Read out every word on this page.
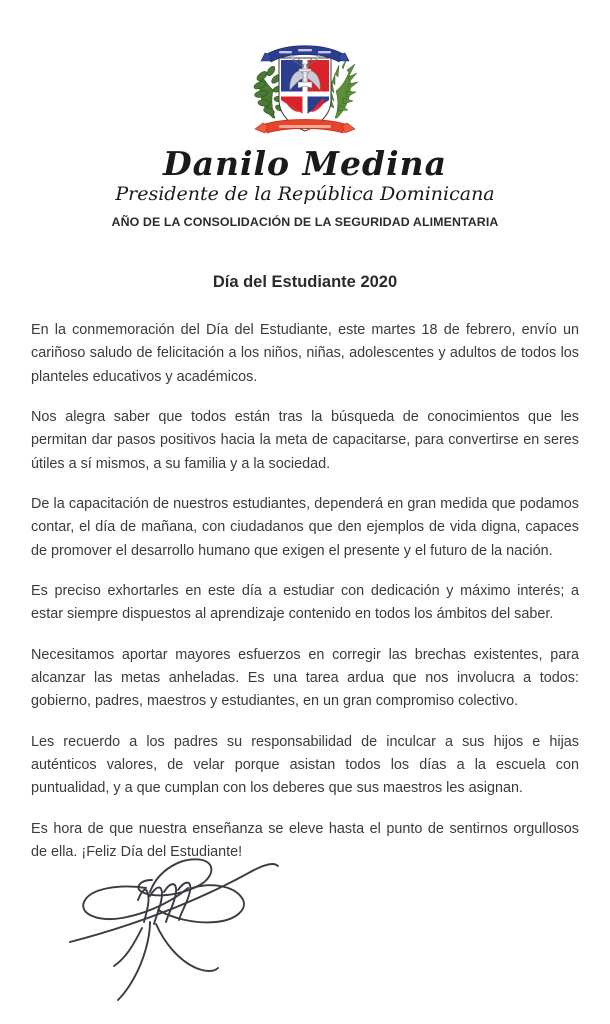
Danilo Medina
Presidente de la República Dominicana
AÑO DE LA CONSOLIDACIÓN DE LA SEGURIDAD ALIMENTARIA
Día del Estudiante 2020

En la conmemoración del Día del Estudiante, este martes 18 de febrero, envío un cariñoso saludo de felicitación a los niños, niñas, adolescentes y adultos de todos los planteles educativos y académicos.

Nos alegra saber que todos están tras la búsqueda de conocimientos que les permitan dar pasos positivos hacia la meta de capacitarse, para convertirse en seres útiles a sí mismos, a su familia y a la sociedad.

De la capacitación de nuestros estudiantes, dependerá en gran medida que podamos contar, el día de mañana, con ciudadanos que den ejemplos de vida digna, capaces de promover el desarrollo humano que exigen el presente y el futuro de la nación.

Es preciso exhortarles en este día a estudiar con dedicación y máximo interés; a estar siempre dispuestos al aprendizaje contenido en todos los ámbitos del saber.

Necesitamos aportar mayores esfuerzos en corregir las brechas existentes, para alcanzar las metas anheladas. Es una tarea ardua que nos involucra a todos: gobierno, padres, maestros y estudiantes, en un gran compromiso colectivo.

Les recuerdo a los padres su responsabilidad de inculcar a sus hijos e hijas auténticos valores, de velar porque asistan todos los días a la escuela con puntualidad, y a que cumplan con los deberes que sus maestros les asignan.

Es hora de que nuestra enseñanza se eleve hasta el punto de sentirnos orgullosos de ella. ¡Feliz Día del Estudiante!
